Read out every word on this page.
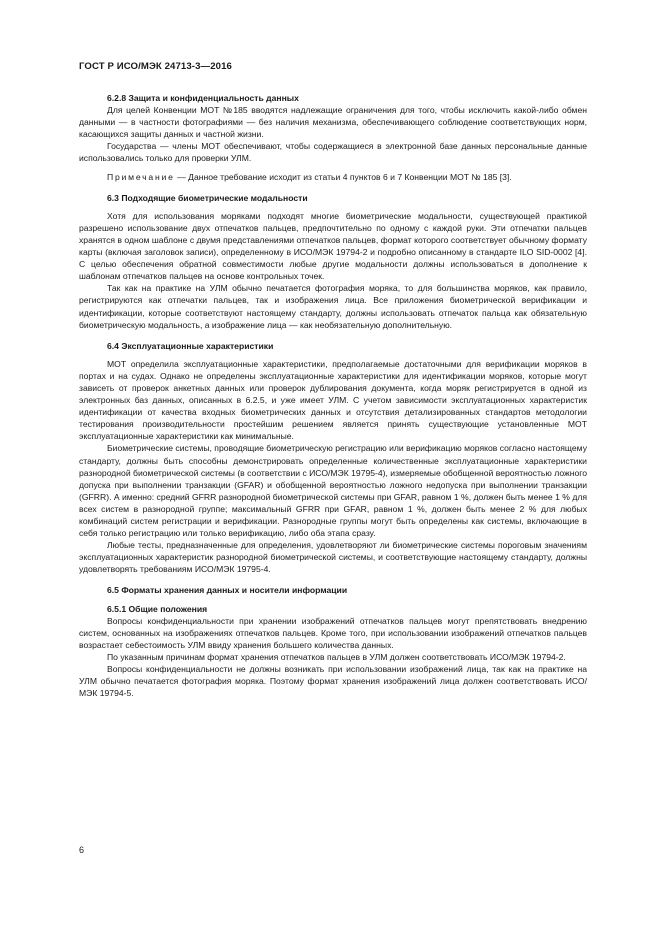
ГОСТ Р ИСО/МЭК 24713-3—2016
6.2.8 Защита и конфиденциальность данных

Для целей Конвенции МОТ №185 вводятся надлежащие ограничения для того, чтобы исключить какой-либо обмен данными — в частности фотографиями — без наличия механизма, обеспечивающего соблюдение соответствующих норм, касающихся защиты данных и частной жизни.

Государства — члены МОТ обеспечивают, чтобы содержащиеся в электронной базе данных персональные данные использовались только для проверки УЛМ.

Примечание — Данное требование исходит из статьи 4 пунктов 6 и 7 Конвенции МОТ № 185 [3].

6.3 Подходящие биометрические модальности

Хотя для использования моряками подходят многие биометрические модальности, существующей практикой разрешено использование двух отпечатков пальцев, предпочтительно по одному с каждой руки. Эти отпечатки пальцев хранятся в одном шаблоне с двумя представлениями отпечатков пальцев, формат которого соответствует обычному формату карты (включая заголовок записи), определенному в ИСО/МЭК 19794-2 и подробно описанному в стандарте ILO SID-0002 [4]. С целью обеспечения обратной совместимости любые другие модальности должны использоваться в дополнение к шаблонам отпечатков пальцев на основе контрольных точек.

Так как на практике на УЛМ обычно печатается фотография моряка, то для большинства моряков, как правило, регистрируются как отпечатки пальцев, так и изображения лица. Все приложения биометрической верификации и идентификации, которые соответствуют настоящему стандарту, должны использовать отпечаток пальца как обязательную биометрическую модальность, а изображение лица — как необязательную дополнительную.

6.4 Эксплуатационные характеристики

МОТ определила эксплуатационные характеристики, предполагаемые достаточными для верификации моряков в портах и на судах. Однако не определены эксплуатационные характеристики для идентификации моряков, которые могут зависеть от проверок анкетных данных или проверок дублирования документа, когда моряк регистрируется в одной из электронных баз данных, описанных в 6.2.5, и уже имеет УЛМ. С учетом зависимости эксплуатационных характеристик идентификации от качества входных биометрических данных и отсутствия детализированных стандартов методологии тестирования производительности простейшим решением является принять существующие установленные МОТ эксплуатационные характеристики как минимальные.

Биометрические системы, проводящие биометрическую регистрацию или верификацию моряков согласно настоящему стандарту, должны быть способны демонстрировать определенные количественные эксплуатационные характеристики разнородной биометрической системы (в соответствии с ИСО/МЭК 19795-4), измеряемые обобщенной вероятностью ложного допуска при выполнении транзакции (GFAR) и обобщенной вероятностью ложного недопуска при выполнении транзакции (GFRR). А именно: средний GFRR разнородной биометрической системы при GFAR, равном 1 %, должен быть менее 1 % для всех систем в разнородной группе; максимальный GFRR при GFAR, равном 1 %, должен быть менее 2 % для любых комбинаций систем регистрации и верификации. Разнородные группы могут быть определены как системы, включающие в себя только регистрацию или только верификацию, либо оба этапа сразу.

Любые тесты, предназначенные для определения, удовлетворяют ли биометрические системы пороговым значениям эксплуатационных характеристик разнородной биометрической системы, и соответствующие настоящему стандарту, должны удовлетворять требованиям ИСО/МЭК 19795-4.

6.5 Форматы хранения данных и носители информации
6.5.1 Общие положения

Вопросы конфиденциальности при хранении изображений отпечатков пальцев могут препятствовать внедрению систем, основанных на изображениях отпечатков пальцев. Кроме того, при использовании изображений отпечатков пальцев возрастает себестоимость УЛМ ввиду хранения большего количества данных.

По указанным причинам формат хранения отпечатков пальцев в УЛМ должен соответствовать ИСО/МЭК 19794-2.

Вопросы конфиденциальности не должны возникать при использовании изображений лица, так как на практике на УЛМ обычно печатается фотография моряка. Поэтому формат хранения изображений лица должен соответствовать ИСО/МЭК 19794-5.

6
